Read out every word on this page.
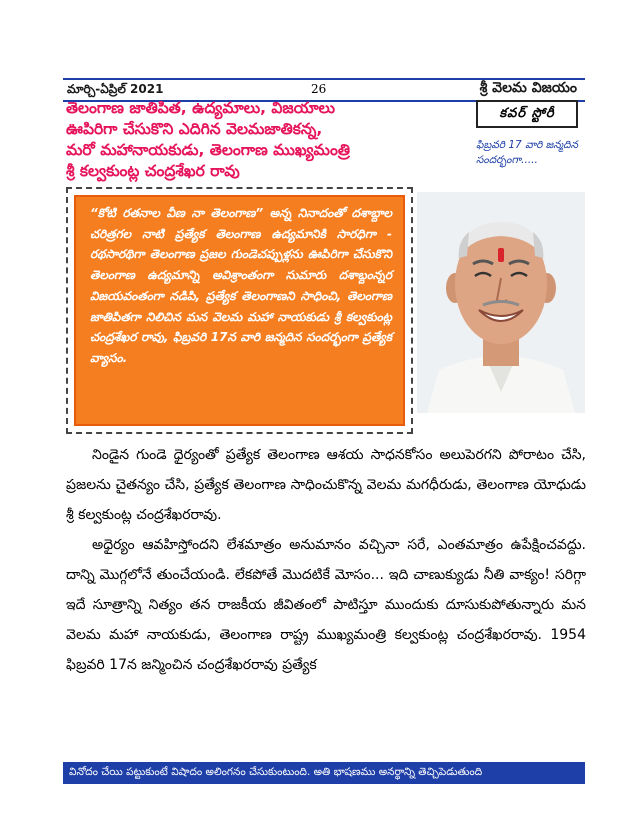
మార్చి-ఏప్రిల్ 2021	26	శ్రీ వెలమ విజయం
తెలంగాణ జాతిపిత, ఉద్యమాలు, విజయాలు
ఊపిరిగా చేసుకొని ఎదిగిన వెలమజాతికన్న,
మరో మహానాయకుడు, తెలంగాణ ముఖ్యమంత్రి
శ్రీ కల్వకుంట్ల చంద్రశేఖర రావు
కవర్ స్టోరీ
ఫిబ్రవరి 17 వారి జన్మదిన సందర్భంగా.....
“కోటి రతనాల వీణ నా తెలంగాణ” అన్న నినాదంతో దశాబ్దాల చరిత్రగల నాటి ప్రత్యేక తెలంగాణ ఉద్యమానికి సారధిగా - రథసారథిగా తెలంగాణ ప్రజల గుండెచప్పుళ్లను ఊపిరిగా చేసుకొని తెలంగాణ ఉద్యమాన్ని అవిశ్రాంతంగా సుమారు దశాబ్దంన్నర విజయవంతంగా నడిపి, ప్రత్యేక తెలంగాణని సాధించి, తెలంగాణ జాతిపితగా నిలిచిన మన వెలమ మహా నాయకుడు శ్రీ కల్వకుంట్ల చంద్రశేఖర రావు, ఫిబ్రవరి 17న వారి జన్మదిన సందర్భంగా ప్రత్యేక వ్యాసం.

నిండైన గుండె ధైర్యంతో ప్రత్యేక తెలంగాణ ఆశయ సాధనకోసం అలుపెరగని పోరాటం చేసి, ప్రజలను చైతన్యం చేసి, ప్రత్యేక తెలంగాణ సాధించుకొన్న వెలమ మగధీరుడు, తెలంగాణ యోధుడు శ్రీ కల్వకుంట్ల చంద్రశేఖరరావు.

అధైర్యం ఆవహిస్తోందని లేశమాత్రం అనుమానం వచ్చినా సరే, ఎంతమాత్రం ఉపేక్షించవద్దు. దాన్ని మొగ్గలోనే తుంచేయండి. లేకపోతే మొదటికే మోసం... ఇది చాణుక్యుడు నీతి వాక్యం! సరిగ్గా ఇదే సూత్రాన్ని నిత్యం తన రాజకీయ జీవితంలో పాటిస్తూ ముందుకు దూసుకుపోతున్నారు మన వెలమ మహా నాయకుడు, తెలంగాణ రాష్ట్ర ముఖ్యమంత్రి కల్వకుంట్ల చంద్రశేఖరరావు. 1954 ఫిబ్రవరి 17న జన్మించిన చంద్రశేఖరరావు ప్రత్యేక

వినోదం చేయి పట్టుకుంటే విషాదం అలింగనం చేసుకుంటుంది. అతి భాషణము అనర్థాన్ని తెచ్చిపెడుతుంది
